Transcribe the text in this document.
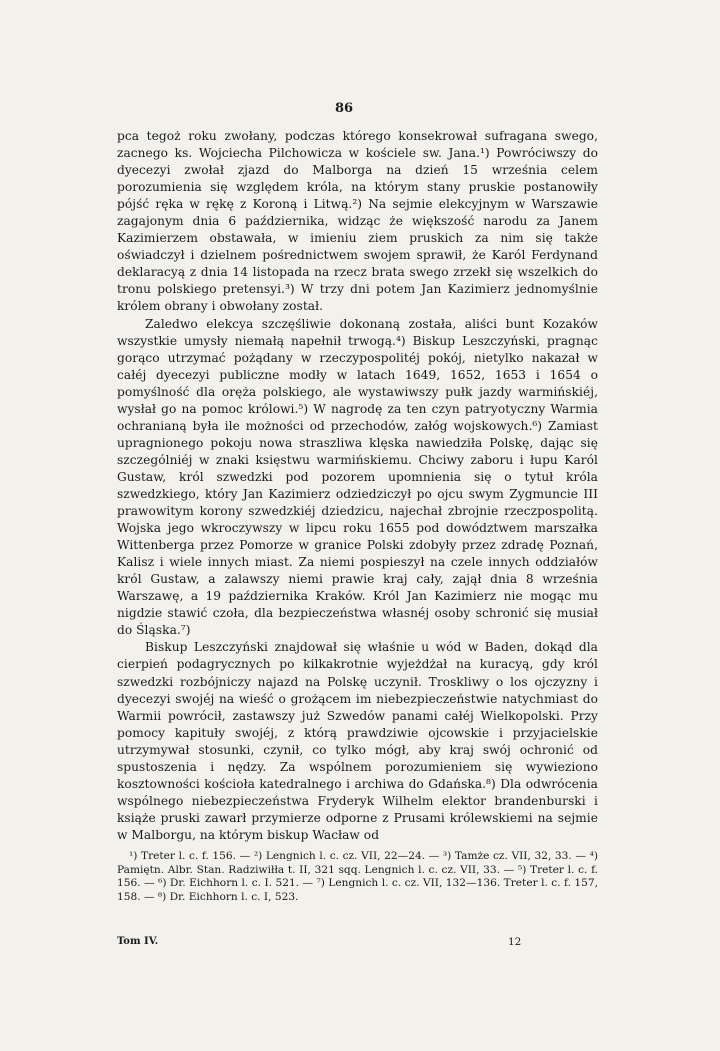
86

pca tegoż roku zwołany, podczas którego konsekrował sufragana swego, zacnego ks. Wojciecha Pilchowicza w kościele sw. Jana.¹) Powróciwszy do dyecezyi zwołał zjazd do Malborga na dzień 15 września celem porozumienia się względem króla, na którym stany pruskie postanowiły pójść ręka w rękę z Koroną i Litwą.²) Na sejmie elekcyjnym w Warszawie zagajonym dnia 6 października, widząc że większość narodu za Janem Kazimierzem obstawała, w imieniu ziem pruskich za nim się także oświadczył i dzielnem pośrednictwem swojem sprawił, że Karól Ferdynand deklaracyą z dnia 14 listopada na rzecz brata swego zrzekł się wszelkich do tronu polskiego pretensyi.³) W trzy dni potem Jan Kazimierz jednomyślnie królem obrany i obwołany został.

Zaledwo elekcya szczęśliwie dokonaną została, aliści bunt Kozaków wszystkie umysły niemałą napełnił trwogą.⁴) Biskup Leszczyński, pragnąc gorąco utrzymać pożądany w rzeczypospolitéj pokój, nietylko nakazał w całéj dyecezyi publiczne modły w latach 1649, 1652, 1653 i 1654 o pomyślność dla oręża polskiego, ale wystawiwszy pułk jazdy warmińskiéj, wysłał go na pomoc królowi.⁵) W nagrodę za ten czyn patryotyczny Warmia ochranianą była ile możności od przechodów, załóg wojskowych.⁶) Zamiast upragnionego pokoju nowa straszliwa klęska nawiedziła Polskę, dając się szczególniéj w znaki księstwu warmińskiemu. Chciwy zaboru i łupu Karól Gustaw, król szwedzki pod pozorem upomnienia się o tytuł króla szwedzkiego, który Jan Kazimierz odziedziczył po ojcu swym Zygmuncie III prawowitym korony szwedzkiéj dziedzicu, najechał zbrojnie rzeczpospolitą. Wojska jego wkroczywszy w lipcu roku 1655 pod dowództwem marszałka Wittenberga przez Pomorze w granice Polski zdobyły przez zdradę Poznań, Kalisz i wiele innych miast. Za niemi pospieszył na czele innych oddziałów król Gustaw, a zalawszy niemi prawie kraj cały, zajął dnia 8 września Warszawę, a 19 października Kraków. Król Jan Kazimierz nie mogąc mu nigdzie stawić czoła, dla bezpieczeństwa własnéj osoby schronić się musiał do Śląska.⁷)

Biskup Leszczyński znajdował się właśnie u wód w Baden, dokąd dla cierpień podagrycznych po kilkakrotnie wyjeżdżał na kuracyą, gdy król szwedzki rozbójniczy najazd na Polskę uczynił. Troskliwy o los ojczyzny i dyecezyi swojéj na wieść o grożącem im niebezpieczeństwie natychmiast do Warmii powrócił, zastawszy już Szwedów panami całéj Wielkopolski. Przy pomocy kapituły swojéj, z którą prawdziwie ojcowskie i przyjacielskie utrzymywał stosunki, czynił, co tylko mógł, aby kraj swój ochronić od spustoszenia i nędzy. Za wspólnem porozumieniem się wywieziono kosztowności kościoła katedralnego i archiwa do Gdańska.⁸) Dla odwrócenia wspólnego niebezpieczeństwa Fryderyk Wilhelm elektor brandenburski i książe pruski zawarł przymierze odporne z Prusami królewskiemi na sejmie w Malborgu, na którym biskup Wacław od

¹) Treter l. c. f. 156. — ²) Lengnich l. c. cz. VII, 22—24. — ³) Tamże cz. VII, 32, 33. — ⁴) Pamiętn. Albr. Stan. Radziwiłła t. II, 321 sqq. Lengnich l. c. cz. VII, 33. — ⁵) Treter l. c. f. 156. — ⁶) Dr. Eichhorn l. c. I. 521. — ⁷) Lengnich l. c. cz. VII, 132—136. Treter l. c. f. 157, 158. — ⁸) Dr. Eichhorn l. c. I, 523.

Tom IV.	12
